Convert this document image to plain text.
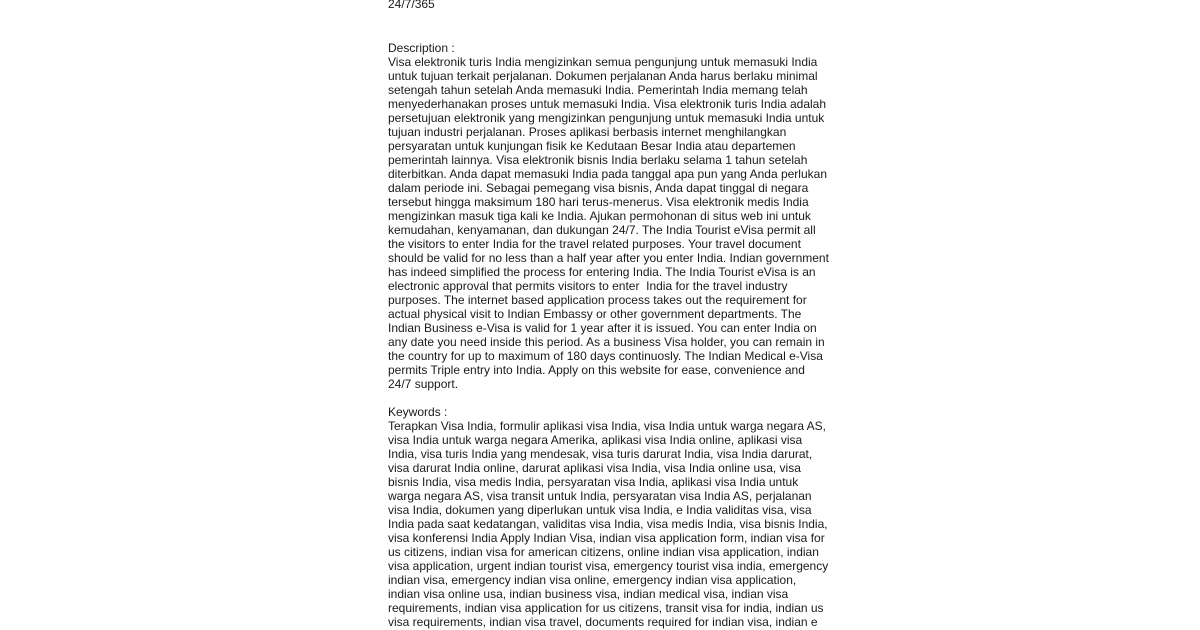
24/7/365
Description :
Visa elektronik turis India mengizinkan semua pengunjung untuk memasuki India
untuk tujuan terkait perjalanan. Dokumen perjalanan Anda harus berlaku minimal
setengah tahun setelah Anda memasuki India. Pemerintah India memang telah
menyederhanakan proses untuk memasuki India. Visa elektronik turis India adalah
persetujuan elektronik yang mengizinkan pengunjung untuk memasuki India untuk
tujuan industri perjalanan. Proses aplikasi berbasis internet menghilangkan
persyaratan untuk kunjungan fisik ke Kedutaan Besar India atau departemen
pemerintah lainnya. Visa elektronik bisnis India berlaku selama 1 tahun setelah
diterbitkan. Anda dapat memasuki India pada tanggal apa pun yang Anda perlukan
dalam periode ini. Sebagai pemegang visa bisnis, Anda dapat tinggal di negara
tersebut hingga maksimum 180 hari terus-menerus. Visa elektronik medis India
mengizinkan masuk tiga kali ke India. Ajukan permohonan di situs web ini untuk
kemudahan, kenyamanan, dan dukungan 24/7. The India Tourist eVisa permit all
the visitors to enter India for the travel related purposes. Your travel document
should be valid for no less than a half year after you enter India. Indian government
has indeed simplified the process for entering India. The India Tourist eVisa is an
electronic approval that permits visitors to enter  India for the travel industry
purposes. The internet based application process takes out the requirement for
actual physical visit to Indian Embassy or other government departments. The
Indian Business e-Visa is valid for 1 year after it is issued. You can enter India on
any date you need inside this period. As a business Visa holder, you can remain in
the country for up to maximum of 180 days continuosly. The Indian Medical e-Visa
permits Triple entry into India. Apply on this website for ease, convenience and
24/7 support.
Keywords :
Terapkan Visa India, formulir aplikasi visa India, visa India untuk warga negara AS,
visa India untuk warga negara Amerika, aplikasi visa India online, aplikasi visa
India, visa turis India yang mendesak, visa turis darurat India, visa India darurat,
visa darurat India online, darurat aplikasi visa India, visa India online usa, visa
bisnis India, visa medis India, persyaratan visa India, aplikasi visa India untuk
warga negara AS, visa transit untuk India, persyaratan visa India AS, perjalanan
visa India, dokumen yang diperlukan untuk visa India, e India validitas visa, visa
India pada saat kedatangan, validitas visa India, visa medis India, visa bisnis India,
visa konferensi India Apply Indian Visa, indian visa application form, indian visa for
us citizens, indian visa for american citizens, online indian visa application, indian
visa application, urgent indian tourist visa, emergency tourist visa india, emergency
indian visa, emergency indian visa online, emergency indian visa application,
indian visa online usa, indian business visa, indian medical visa, indian visa
requirements, indian visa application for us citizens, transit visa for india, indian us
visa requirements, indian visa travel, documents required for indian visa, indian e
